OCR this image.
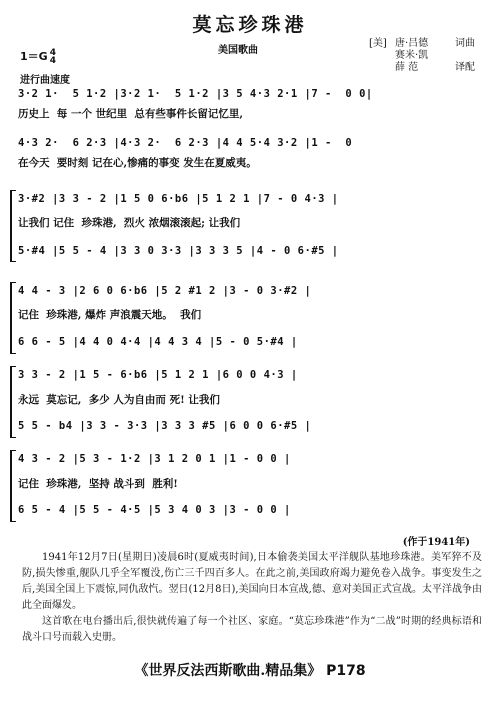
莫忘珍珠港
美国歌曲
[美] 唐·吕德	词曲
赛米·凯
薛 范	译配
1＝G 4
4
进行曲速度
3·2 1·  5 1·2 |3·2 1·  5 1·2 |3 5 4·3 2·1 |7 -  0 0|
历史上  每 一个 世纪里  总有些事件长留记忆里,
4·3 2·  6 2·3 |4·3 2·  6 2·3 |4 4 5·4 3·2 |1 -  0
在今天  要时刻 记在心,惨痛的事变 发生在夏威夷。
3·#2 |3 3 - 2 |1 5 0 6·b6 |5 1 2 1 |7 - 0 4·3 |
让我们 记住  珍珠港,  烈火 浓烟滚滚起; 让我们
5·#4 |5 5 - 4 |3 3 0 3·3 |3 3 3 5 |4 - 0 6·#5 |
4 4 - 3 |2 6 0 6·b6 |5 2 #1 2 |3 - 0 3·#2 |
记住  珍珠港, 爆炸 声浪震天地。  我们
6 6 - 5 |4 4 0 4·4 |4 4 3 4 |5 - 0 5·#4 |
3 3 - 2 |1 5 - 6·b6 |5 1 2 1 |6 0 0 4·3 |
永远  莫忘记,  多少 人为自由而 死! 让我们
5 5 - b4 |3 3 - 3·3 |3 3 3 #5 |6 0 0 6·#5 |
4 3 - 2 |5 3 - 1·2 |3 1 2 0 1 |1 - 0 0 |
记住  珍珠港,  坚持 战斗到  胜利!
6 5 - 4 |5 5 - 4·5 |5 3 4 0 3 |3 - 0 0 |
(作于1941年)

1941年12月7日(星期日)凌晨6时(夏威夷时间),日本偷袭美国太平洋舰队基地珍珠港。美军猝不及防,损失惨重,舰队几乎全军覆没,伤亡三千四百多人。在此之前,美国政府竭力避免卷入战争。事变发生之后,美国全国上下震惊,同仇敌忾。翌日(12月8日),美国向日本宣战,德、意对美国正式宣战。太平洋战争由此全面爆发。

这首歌在电台播出后,很快就传遍了每一个社区、家庭。“莫忘珍珠港”作为“二战”时期的经典标语和战斗口号而载入史册。

《世界反法西斯歌曲.精品集》 P178
